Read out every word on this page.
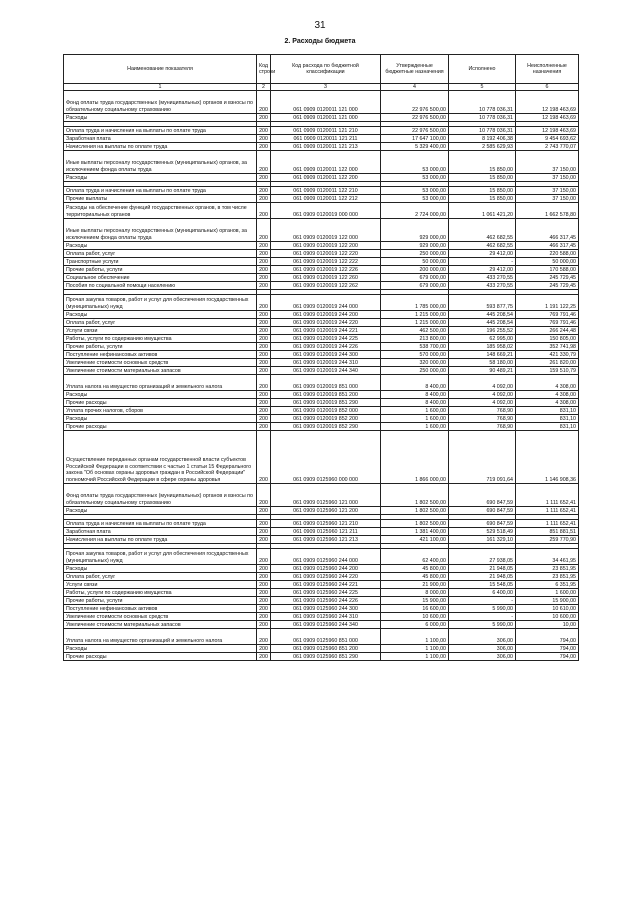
31
2. Расходы бюджета
Наименование показателя	Код строки	Код расхода по бюджетной классификации	Утвержденные бюджетные назначения	Исполнено	Неисполненные назначения
1	2	3	4	5	6
Фонд оплаты труда государственных (муниципальных) органов и взносы по обязательному социальному страхованию	200	061 0909 0120011 121 000	22 976 500,00	10 778 036,31	12 198 463,69
Расходы	200	061 0909 0120011 121 000	22 976 500,00	10 778 036,31	12 198 463,69

Оплата труда и начисления на выплаты по оплате труда	200	061 0909 0120011 121 210	22 976 500,00	10 778 036,31	12 198 463,69
Заработная плата	200	061 0909 0120011 121 211	17 647 100,00	8 192 406,38	9 454 693,62
Начисления на выплаты по оплате труда	200	061 0909 0120011 121 213	5 329 400,00	2 585 629,93	2 743 770,07
Иные выплаты персоналу государственных (муниципальных) органов, за исключением фонда оплаты труда	200	061 0909 0120011 122 000	53 000,00	15 850,00	37 150,00
Расходы	200	061 0909 0120011 122 200	53 000,00	15 850,00	37 150,00

Оплата труда и начисления на выплаты по оплате труда	200	061 0909 0120011 122 210	53 000,00	15 850,00	37 150,00
Прочие выплаты	200	061 0909 0120011 122 212	53 000,00	15 850,00	37 150,00
Расходы на обеспечение функций государственных органов, в том числе территориальных органов	200	061 0909 0120019 000 000	2 724 000,00	1 061 421,20	1 662 578,80
Иные выплаты персоналу государственных (муниципальных) органов, за исключением фонда оплаты труда	200	061 0909 0120019 122 000	929 000,00	462 682,55	466 317,45
Расходы	200	061 0909 0120019 122 200	929 000,00	462 682,55	466 317,45
Оплата работ, услуг	200	061 0909 0120019 122 220	250 000,00	29 412,00	220 588,00
Транспортные услуги	200	061 0909 0120019 122 222	50 000,00	-	50 000,00
Прочие работы, услуги	200	061 0909 0120019 122 226	200 000,00	29 412,00	170 588,00
Социальное обеспечение	200	061 0909 0120019 122 260	679 000,00	433 270,55	245 729,45
Пособия по социальной помощи населению	200	061 0909 0120019 122 262	679 000,00	433 270,55	245 729,45

Прочая закупка товаров, работ и услуг для обеспечения государственных (муниципальных) нужд	200	061 0909 0120019 244 000	1 785 000,00	593 877,75	1 191 122,25
Расходы	200	061 0909 0120019 244 200	1 215 000,00	445 208,54	769 791,46
Оплата работ, услуг	200	061 0909 0120019 244 220	1 215 000,00	445 208,54	769 791,46
Услуги связи	200	061 0909 0120019 244 221	462 500,00	196 255,52	266 244,48
Работы, услуги по содержанию имущества	200	061 0909 0120019 244 225	213 800,00	62 995,00	150 805,00
Прочие работы, услуги	200	061 0909 0120019 244 226	538 700,00	185 958,02	352 741,98
Поступление нефинансовых активов	200	061 0909 0120019 244 300	570 000,00	148 669,21	421 330,79
Увеличение стоимости основных средств	200	061 0909 0120019 244 310	320 000,00	58 180,00	261 820,00
Увеличение стоимости материальных запасов	200	061 0909 0120019 244 340	250 000,00	90 489,21	159 510,79
Уплата налога на имущество организаций и земельного налога	200	061 0909 0120019 851 000	8 400,00	4 092,00	4 308,00
Расходы	200	061 0909 0120019 851 200	8 400,00	4 092,00	4 308,00
Прочие расходы	200	061 0909 0120019 851 290	8 400,00	4 092,00	4 308,00
Уплата прочих налогов, сборов	200	061 0909 0120019 852 000	1 600,00	768,90	831,10
Расходы	200	061 0909 0120019 852 200	1 600,00	768,90	831,10
Прочие расходы	200	061 0909 0120019 852 290	1 600,00	768,90	831,10
Осуществление переданных органам государственной власти субъектов Российской Федерации в соответствии с частью 1 статьи 15 Федерального закона "Об основах охраны здоровья граждан в Российской Федерации" полномочий Российской Федерации в сфере охраны здоровья	200	061 0909 0125960 000 000	1 866 000,00	719 091,64	1 146 908,36
Фонд оплаты труда государственных (муниципальных) органов и взносы по обязательному социальному страхованию	200	061 0909 0125960 121 000	1 802 500,00	690 847,59	1 111 652,41
Расходы	200	061 0909 0125960 121 200	1 802 500,00	690 847,59	1 111 652,41

Оплата труда и начисления на выплаты по оплате труда	200	061 0909 0125960 121 210	1 802 500,00	690 847,59	1 111 652,41
Заработная плата	200	061 0909 0125960 121 211	1 381 400,00	529 518,49	851 881,51
Начисления на выплаты по оплате труда	200	061 0909 0125960 121 213	421 100,00	161 329,10	259 770,90

Прочая закупка товаров, работ и услуг для обеспечения государственных (муниципальных) нужд	200	061 0909 0125960 244 000	62 400,00	27 938,05	34 461,95
Расходы	200	061 0909 0125960 244 200	45 800,00	21 948,05	23 851,95
Оплата работ, услуг	200	061 0909 0125960 244 220	45 800,00	21 948,05	23 851,95
Услуги связи	200	061 0909 0125960 244 221	21 900,00	15 548,05	6 351,95
Работы, услуги по содержанию имущества	200	061 0909 0125960 244 225	8 000,00	6 400,00	1 600,00
Прочие работы, услуги	200	061 0909 0125960 244 226	15 900,00	-	15 900,00
Поступление нефинансовых активов	200	061 0909 0125960 244 300	16 600,00	5 990,00	10 610,00
Увеличение стоимости основных средств	200	061 0909 0125960 244 310	10 600,00	-	10 600,00
Увеличение стоимости материальных запасов	200	061 0909 0125960 244 340	6 000,00	5 990,00	10,00
Уплата налога на имущество организаций и земельного налога	200	061 0909 0125960 851 000	1 100,00	306,00	794,00
Расходы	200	061 0909 0125960 851 200	1 100,00	306,00	794,00
Прочие расходы	200	061 0909 0125960 851 290	1 100,00	306,00	794,00
